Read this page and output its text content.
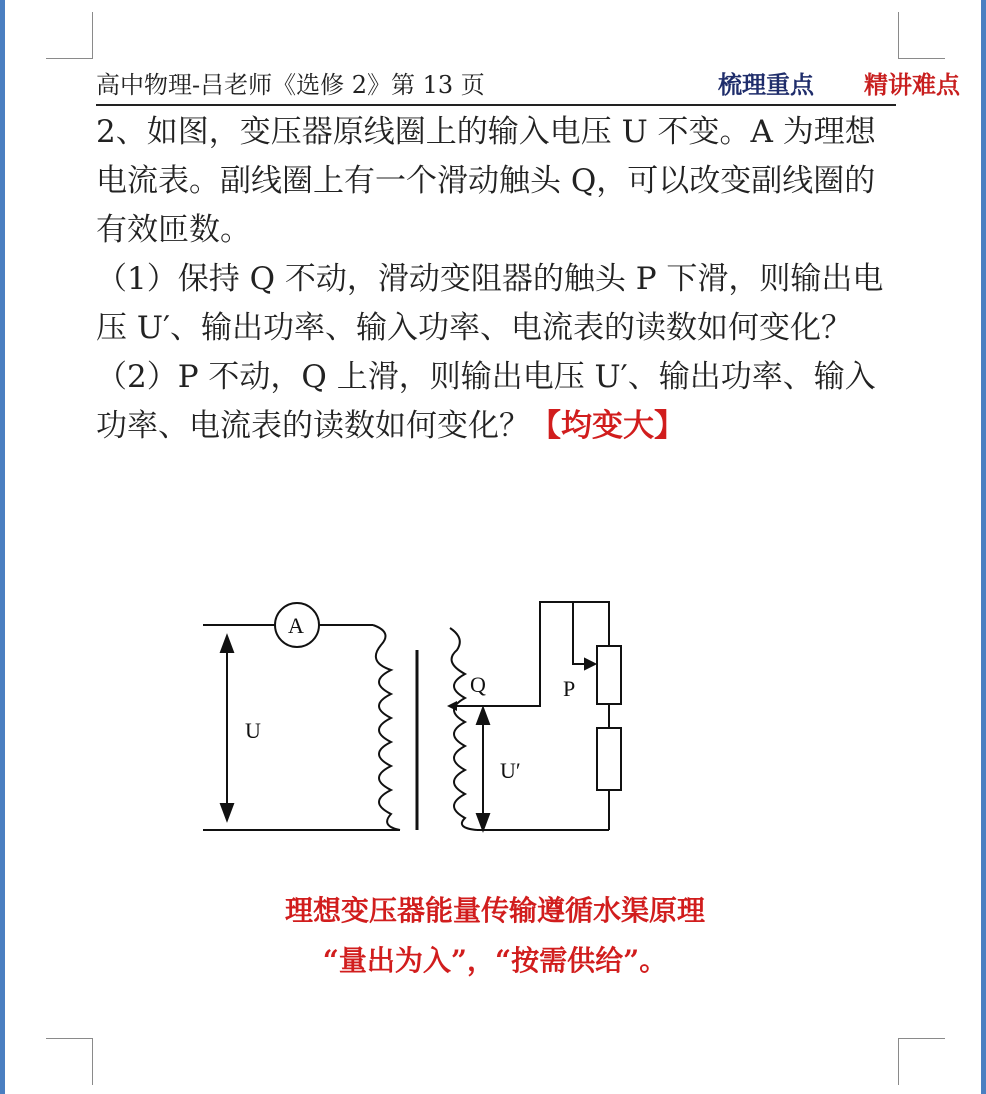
高中物理-吕老师《选修 2》第 13 页	梳理重点 精讲难点

2、如图，变压器原线圈上的输入电压 U 不变。A 为理想电流表。副线圈上有一个滑动触头 Q，可以改变副线圈的有效匝数。

（1）保持 Q 不动，滑动变阻器的触头 P 下滑，则输出电压 U′、输出功率、输入功率、电流表的读数如何变化？

（2）P 不动，Q 上滑，则输出电压 U′、输出功率、输入功率、电流表的读数如何变化？【均变大】

A
U
Q	P
U′
理想变压器能量传输遵循水渠原理
“量出为入”，“按需供给”。
